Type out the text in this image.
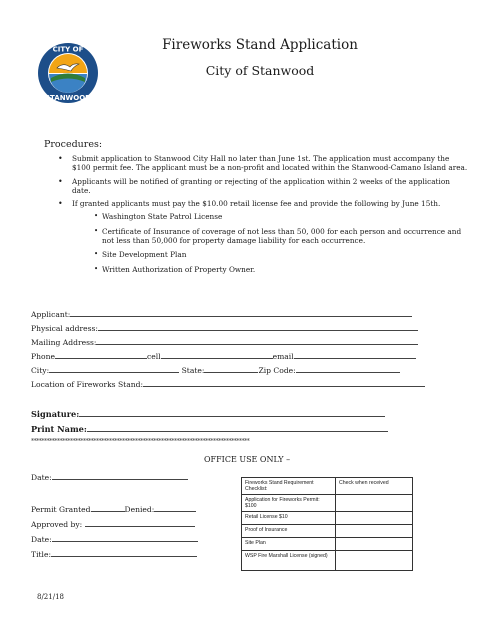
Fireworks Stand Application
City of Stanwood
CITY OF
STANWOOD
Procedures:
• Submit application to Stanwood City Hall no later than June 1st. The application must accompany the $100 permit fee. The applicant must be a non-profit and located within the Stanwood-Camano Island area.
• Applicants will be notified of granting or rejecting of the application within 2 weeks of the application date.
• If granted applicants must pay the $10.00 retail license fee and provide the following by June 15th.
• Washington State Patrol License
• Certificate of Insurance of coverage of not less than 50, 000 for each person and occurrence and not less than 50,000 for property damage liability for each occurrence.
• Site Development Plan
• Written Authorization of Property Owner.
Applicant:
Physical address:
Mailing Address:
Phone	cell	email
City:	State:	Zip Code:
Location of Fireworks Stand:
Signature:
Print Name:
************************************************************************************
OFFICE USE ONLY –
Date:
Permit Granted	Denied:
Approved by:
Date:
Title:
Fireworks Stand Requirement Checklist:	Check when received
Application for Fireworks Permit: $100	
Retail License $10	
Proof of Insurance	
Site Plan	
WSP Fire Marshall License (signed)	
8/21/18
